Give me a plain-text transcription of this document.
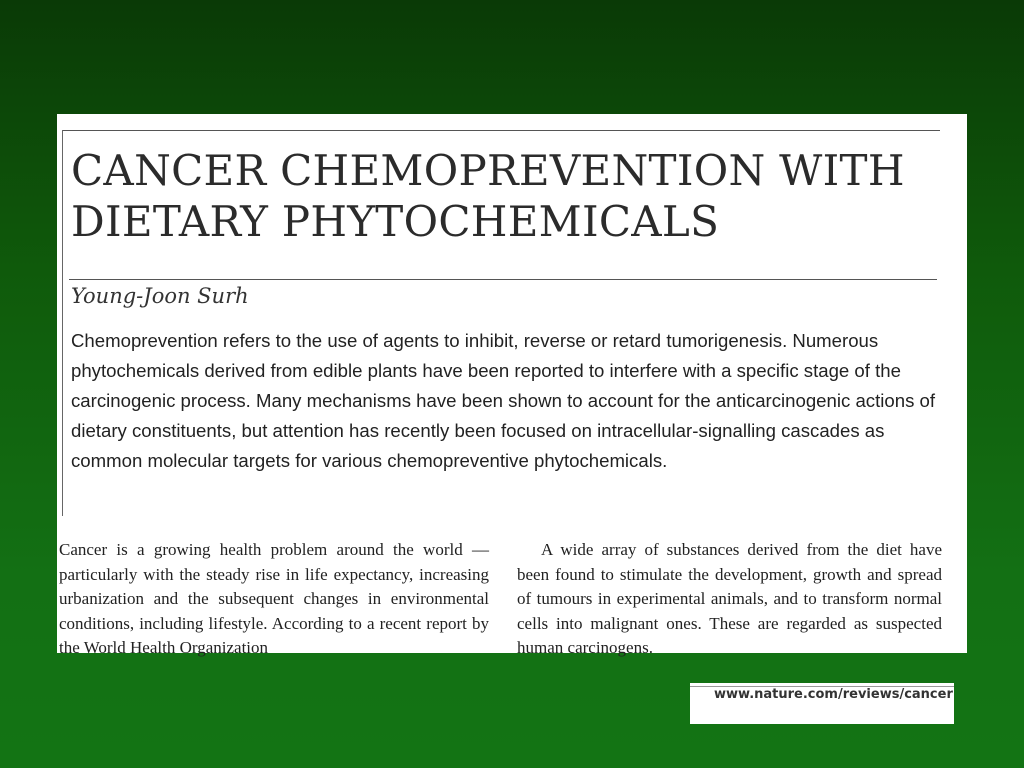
CANCER CHEMOPREVENTION WITH DIETARY PHYTOCHEMICALS
Young-Joon Surh

Chemoprevention refers to the use of agents to inhibit, reverse or retard tumorigenesis. Numerous phytochemicals derived from edible plants have been reported to interfere with a specific stage of the carcinogenic process. Many mechanisms have been shown to account for the anticarcinogenic actions of dietary constituents, but attention has recently been focused on intracellular-signalling cascades as common molecular targets for various chemopreventive phytochemicals.

Cancer is a growing health problem around the world — particularly with the steady rise in life expectancy, increasing urbanization and the subsequent changes in environmental conditions, including lifestyle. According to a recent report by the World Health Organization

A wide array of substances derived from the diet have been found to stimulate the development, growth and spread of tumours in experimental animals, and to transform normal cells into malignant ones. These are regarded as suspected human carcinogens.

www.nature.com/reviews/cancer
